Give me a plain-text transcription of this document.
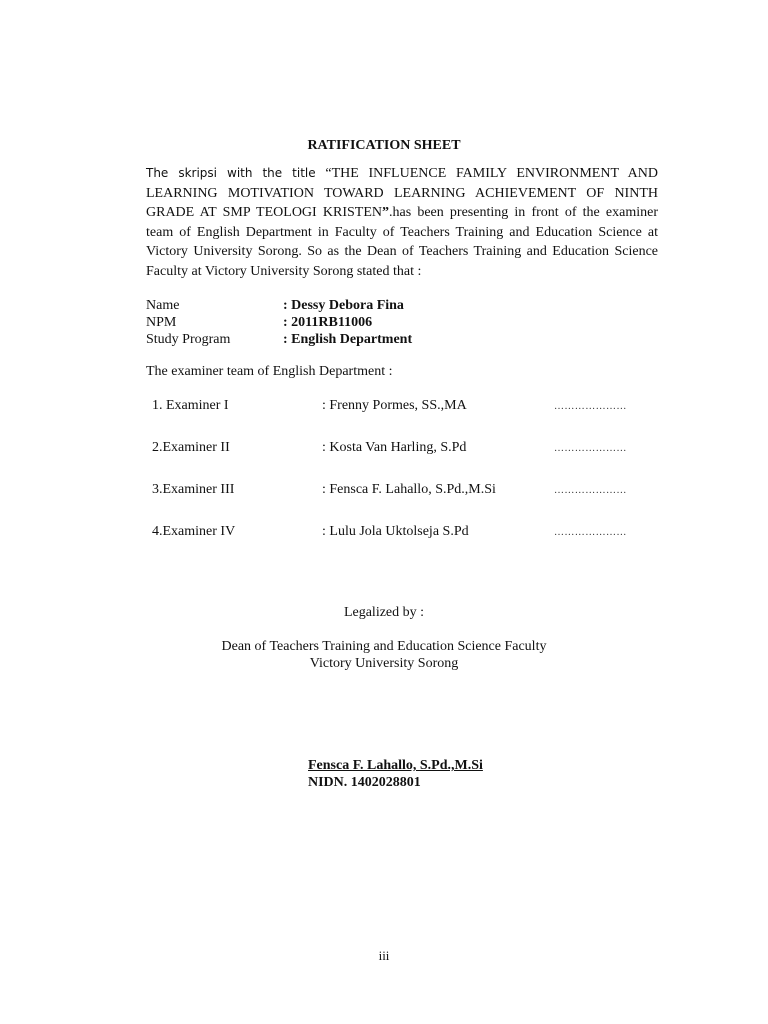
RATIFICATION SHEET
The skripsi with the title “THE INFLUENCE FAMILY ENVIRONMENT AND LEARNING MOTIVATION TOWARD LEARNING ACHIEVEMENT OF NINTH GRADE AT SMP TEOLOGI KRISTEN”.has been presenting in front of the examiner team of English Department in Faculty of Teachers Training and Education Science at Victory University Sorong. So as the Dean of Teachers Training and Education Science Faculty at Victory University Sorong stated that :
Name	: Dessy Debora Fina
NPM	: 2011RB11006
Study Program	: English Department
The examiner team of English Department :
1. Examiner I	: Frenny Pormes, SS.,MA	…………………
2.Examiner II	: Kosta Van Harling, S.Pd	…………………
3.Examiner III	: Fensca F. Lahallo, S.Pd.,M.Si	…………………
4.Examiner IV	: Lulu Jola Uktolseja S.Pd	…………………
Legalized by :
Dean of Teachers Training and Education Science Faculty
Victory University Sorong
Fensca F. Lahallo, S.Pd.,M.Si
NIDN. 1402028801
iii
